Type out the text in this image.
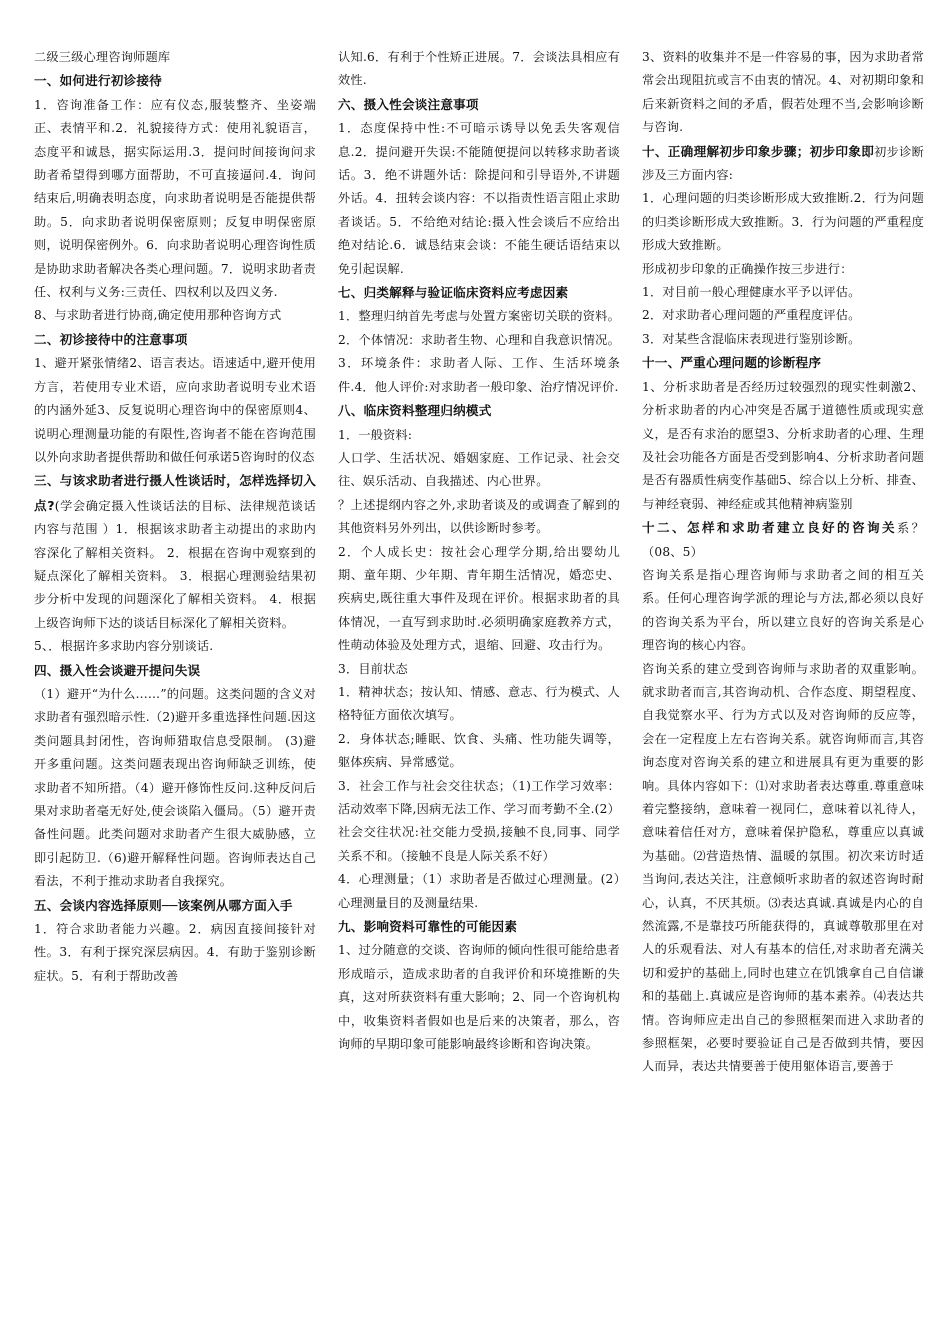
二级三级心理咨询师题库

一、如何进行初诊接待

1．咨询准备工作：应有仪态,服装整齐、坐姿端正、表情平和.2．礼貌接待方式：使用礼貌语言，态度平和诚恳，据实际运用.3．提问时间接询问求助者希望得到哪方面帮助，不可直接逼问.4．询问结束后,明确表明态度，向求助者说明是否能提供帮助。5．向求助者说明保密原则；反复申明保密原则，说明保密例外。6．向求助者说明心理咨询性质是协助求助者解决各类心理问题。7．说明求助者责任、权利与义务:三责任、四权利以及四义务.

8、与求助者进行协商,确定使用那种咨询方式

二、初诊接待中的注意事项

1、避开紧张情绪2、语言表达。语速适中,避开使用方言，若使用专业术语，应向求助者说明专业术语的内涵外延3、反复说明心理咨询中的保密原则4、说明心理测量功能的有限性,咨询者不能在咨询范围以外向求助者提供帮助和做任何承诺5咨询时的仪态

三、与该求助者进行摄人性谈话时，怎样选择切入点?(学会确定摄入性谈话法的目标、法律规范谈话内容与范围 ）1．根据该求助者主动提出的求助内容深化了解相关资料。 2．根据在咨询中观察到的疑点深化了解相关资料。 3．根据心理测验结果初步分析中发现的问题深化了解相关资料。 4．根据上级咨询师下达的谈话目标深化了解相关资料。

5、．根据许多求助内容分别谈话.

四、摄入性会谈避开提问失误

（1）避开“为什么……”的问题。这类问题的含义对求助者有强烈暗示性.（2)避开多重选择性问题.因这类问题具封闭性，咨询师猎取信息受限制。 (3)避开多重问题。这类问题表现出咨询师缺乏训练，使求助者不知所措。（4）避开修饰性反问.这种反问后果对求助者毫无好处,使会谈陷入僵局。（5）避开责备性问题。此类问题对求助者产生很大威胁感，立即引起防卫.（6)避开解释性问题。咨询师表达自己看法，不利于推动求助者自我探究。

五、会谈内容选择原则──该案例从哪方面入手

1．符合求助者能力兴趣。2．病因直接间接针对性。3．有利于探究深层病因。4．有助于鉴别诊断症状。5．有利于帮助改善

认知.6．有利于个性矫正进展。7．会谈法具相应有效性.

六、摄入性会谈注意事项

1．态度保持中性:不可暗示诱导以免丢失客观信息.2．提问避开失误:不能随便提问以转移求助者谈话。3．绝不讲题外话：除提问和引导语外,不讲题外话。4．扭转会谈内容：不以指责性语言阻止求助者谈话。5．不给绝对结论:摄入性会谈后不应给出绝对结论.6．诚恳结束会谈：不能生硬话语结束以免引起误解.

七、归类解释与验证临床资料应考虑因素

1．整理归纳首先考虑与处置方案密切关联的资料。2．个体情况：求助者生物、心理和自我意识情况。3．环境条件：求助者人际、工作、生活环境条件.4．他人评价:对求助者一般印象、治疗情况评价.

八、临床资料整理归纳模式

1．一般资料:

人口学、生活状况、婚姻家庭、工作记录、社会交往、娱乐活动、自我描述、内心世界。

？上述提纲内容之外,求助者谈及的或调查了解到的其他资料另外列出，以供诊断时参考。

2．个人成长史：按社会心理学分期,给出婴幼儿期、童年期、少年期、青年期生活情况，婚恋史、疾病史,既往重大事件及现在评价。根据求助者的具体情况，一直写到求助时.必须明确家庭教养方式，性萌动体验及处理方式，退缩、回避、攻击行为。

3．目前状态

1．精神状态；按认知、情感、意志、行为模式、人格特征方面依次填写。

2．身体状态;睡眠、饮食、头痛、性功能失调等，躯体疾病、异常感觉。

3．社会工作与社会交往状态；（1)工作学习效率：活动效率下降,因病无法工作、学习而考勤不全.(2）社会交往状况:社交能力受损,接触不良,同事、同学关系不和。（接触不良是人际关系不好）

4．心理测量；（1）求助者是否做过心理测量。(2）心理测量目的及测量结果.

九、影响资料可靠性的可能因素

1、过分随意的交谈、咨询师的倾向性很可能给患者形成暗示，造成求助者的自我评价和环境推断的失真，这对所获资料有重大影响；2、同一个咨询机构中，收集资料者假如也是后来的决策者，那么，咨询师的早期印象可能影响最终诊断和咨询决策。

3、资料的收集并不是一件容易的事，因为求助者常常会出现阻抗或言不由衷的情况。4、对初期印象和后来新资料之间的矛盾，假若处理不当,会影响诊断与咨询.

十、正确理解初步印象步骤；初步印象即初步诊断涉及三方面内容:

1．心理问题的归类诊断形成大致推断.2．行为问题的归类诊断形成大致推断。3．行为问题的严重程度形成大致推断。

形成初步印象的正确操作按三步进行：

1．对目前一般心理健康水平予以评估。

2．对求助者心理问题的严重程度评估。

3．对某些含混临床表现进行鉴别诊断。

十一、严重心理问题的诊断程序

1、分析求助者是否经历过较强烈的现实性刺激2、分析求助者的内心冲突是否属于道德性质或现实意义，是否有求治的愿望3、分析求助者的心理、生理及社会功能各方面是否受到影响4、分析求助者问题是否有器质性病变作基础5、综合以上分析、排查、与神经衰弱、神经症或其他精神病鉴别

十二、怎样和求助者建立良好的咨询关系？（08、5）

咨询关系是指心理咨询师与求助者之间的相互关系。任何心理咨询学派的理论与方法,都必须以良好的咨询关系为平台，所以建立良好的咨询关系是心理咨询的核心内容。

咨询关系的建立受到咨询师与求助者的双重影响。就求助者而言,其咨询动机、合作态度、期望程度、自我觉察水平、行为方式以及对咨询师的反应等，会在一定程度上左右咨询关系。就咨询师而言,其咨询态度对咨询关系的建立和进展具有更为重要的影响。具体内容如下：⑴对求助者表达尊重.尊重意味着完整接纳，意味着一视同仁，意味着以礼待人，意味着信任对方，意味着保护隐私，尊重应以真诚为基础。⑵营造热情、温暖的氛围。初次来访时适当询问,表达关注，注意倾听求助者的叙述咨询时耐心，认真，不厌其烦。⑶表达真诚.真诚是内心的自然流露,不是靠技巧所能获得的，真诚尊敬那里在对人的乐观看法、对人有基本的信任,对求助者充满关切和爱护的基础上,同时也建立在饥饿拿自己自信谦和的基础上.真诚应是咨询师的基本素养。⑷表达共情。咨询师应走出自己的参照框架而进入求助者的参照框架，必要时要验证自己是否做到共情，要因人而异，表达共情要善于使用躯体语言,要善于
